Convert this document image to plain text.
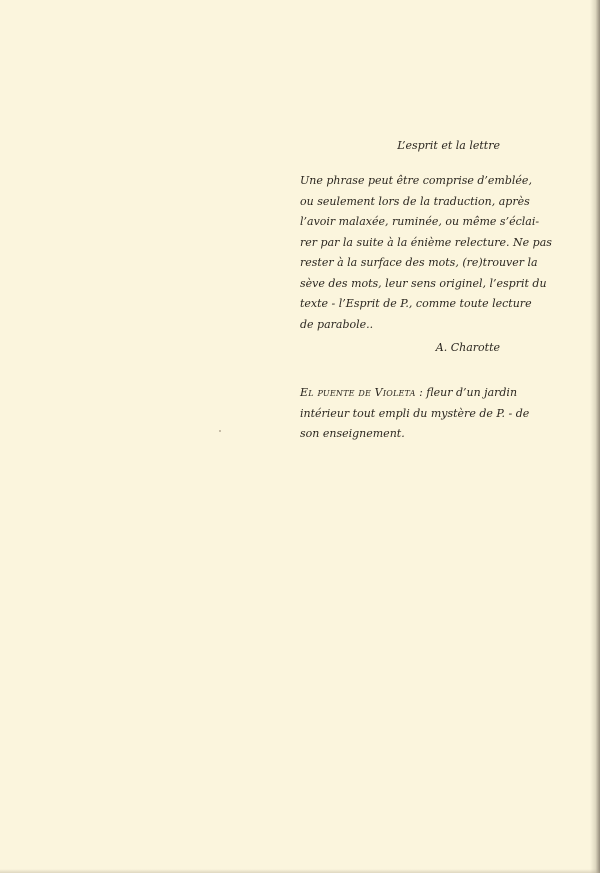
L’esprit et la lettre

Une phrase peut être comprise d’emblée,
ou seulement lors de la traduction, après
l’avoir malaxée, ruminée, ou même s’éclai-
rer par la suite à la énième relecture. Ne pas
rester à la surface des mots, (re)trouver la
sève des mots, leur sens originel, l’esprit du
texte - l’Esprit de P., comme toute lecture
de parabole..

A. Charotte

El puente de Violeta : fleur d’un jardin
intérieur tout empli du mystère de P. - de
son enseignement.
